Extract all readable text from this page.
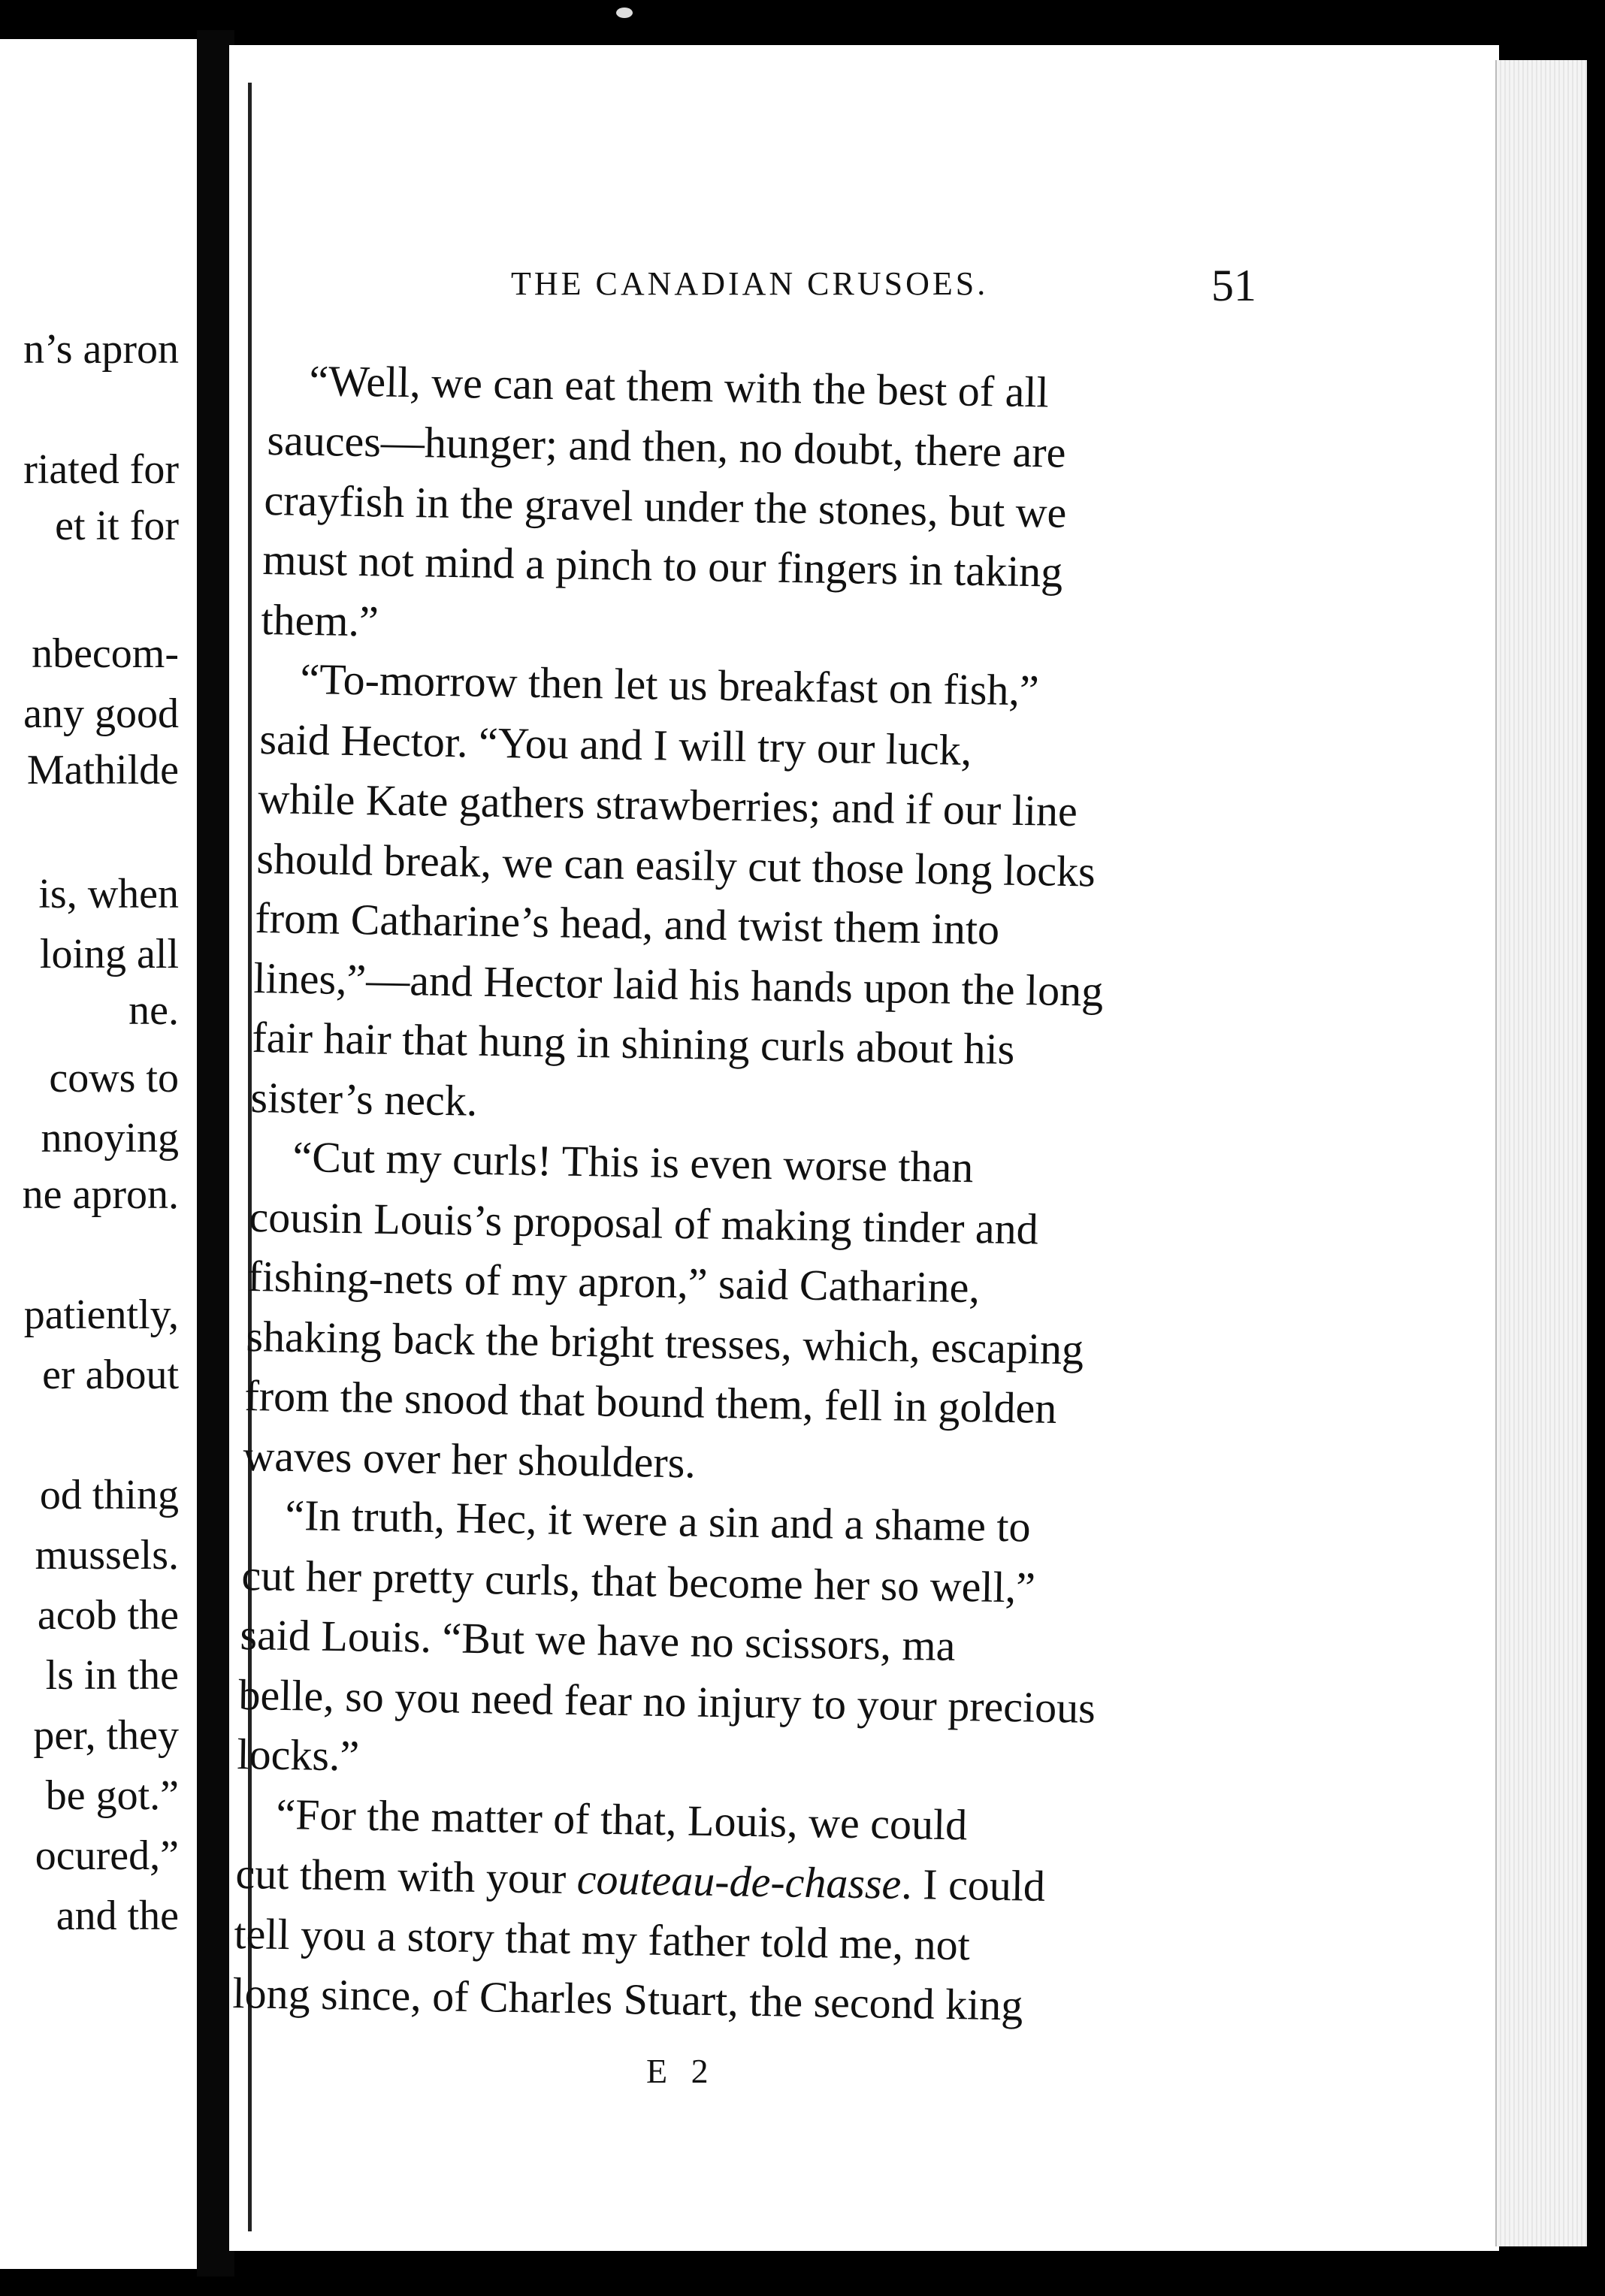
n’s apron
riated for
et it for
nbecom-
any good
Mathilde
is, when
loing all
ne.
cows to
nnoying
ne apron.
patiently,
er about
od thing
mussels.
acob the
ls in the
per, they
be got.”
ocured,”
and the
THE CANADIAN CRUSOES.	51
“Well, we can eat them with the best of all
sauces—hunger; and then, no doubt, there are
crayfish in the gravel under the stones, but we
must not mind a pinch to our fingers in taking
them.”
“To-morrow then let us breakfast on fish,”
said Hector. “You and I will try our luck,
while Kate gathers strawberries; and if our line
should break, we can easily cut those long locks
from Catharine’s head, and twist them into
lines,”—and Hector laid his hands upon the long
fair hair that hung in shining curls about his
sister’s neck.
“Cut my curls! This is even worse than
cousin Louis’s proposal of making tinder and
fishing-nets of my apron,” said Catharine,
shaking back the bright tresses, which, escaping
from the snood that bound them, fell in golden
waves over her shoulders.
“In truth, Hec, it were a sin and a shame to
cut her pretty curls, that become her so well,”
said Louis. “But we have no scissors, ma
belle, so you need fear no injury to your precious
locks.”
“For the matter of that, Louis, we could
cut them with your couteau-de-chasse. I could
tell you a story that my father told me, not
long since, of Charles Stuart, the second king
E 2
